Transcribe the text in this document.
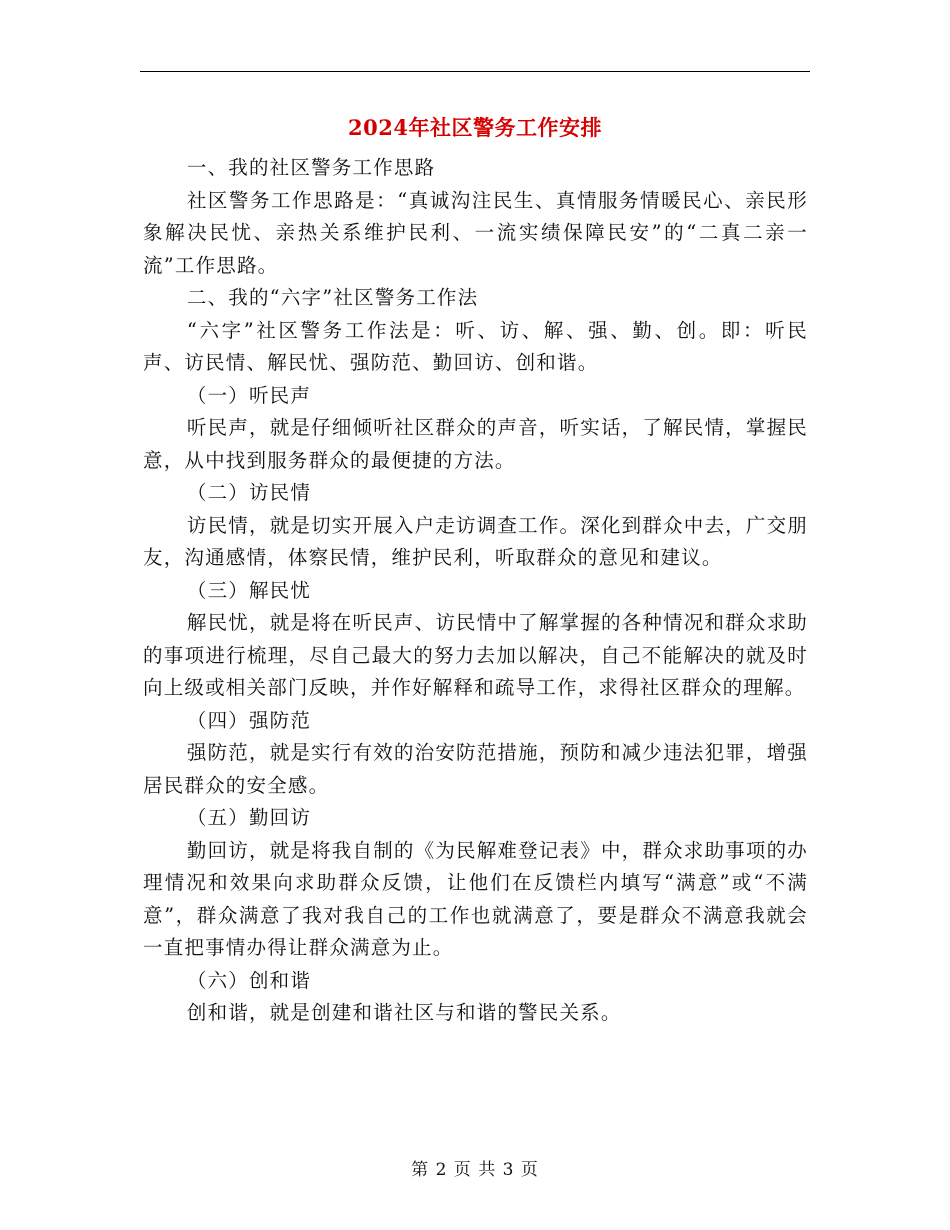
2024年社区警务工作安排

一、我的社区警务工作思路

社区警务工作思路是：“真诚沟注民生、真情服务情暖民心、亲民形象解决民忧、亲热关系维护民利、一流实绩保障民安”的“二真二亲一流”工作思路。

二、我的“六字”社区警务工作法

“六字”社区警务工作法是：听、访、解、强、勤、创。即：听民声、访民情、解民忧、强防范、勤回访、创和谐。

（一）听民声

听民声，就是仔细倾听社区群众的声音，听实话，了解民情，掌握民意，从中找到服务群众的最便捷的方法。

（二）访民情

访民情，就是切实开展入户走访调查工作。深化到群众中去，广交朋友，沟通感情，体察民情，维护民利，听取群众的意见和建议。

（三）解民忧

解民忧，就是将在听民声、访民情中了解掌握的各种情况和群众求助的事项进行梳理，尽自己最大的努力去加以解决，自己不能解决的就及时向上级或相关部门反映，并作好解释和疏导工作，求得社区群众的理解。

（四）强防范

强防范，就是实行有效的治安防范措施，预防和减少违法犯罪，增强居民群众的安全感。

（五）勤回访

勤回访，就是将我自制的《为民解难登记表》中，群众求助事项的办理情况和效果向求助群众反馈，让他们在反馈栏内填写“满意”或“不满意”，群众满意了我对我自己的工作也就满意了，要是群众不满意我就会一直把事情办得让群众满意为止。

（六）创和谐

创和谐，就是创建和谐社区与和谐的警民关系。

第 2 页 共 3 页
